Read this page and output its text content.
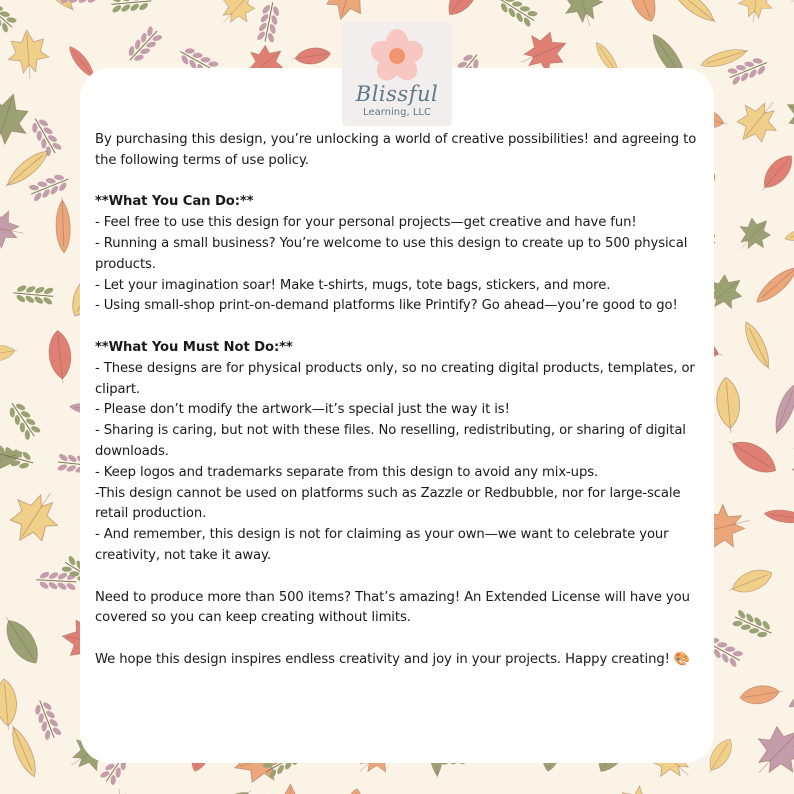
Blissful
Learning, LLC

By purchasing this design, you’re unlocking a world of creative possibilities! and agreeing to the following terms of use policy.

**What You Can Do:**

- Feel free to use this design for your personal projects—get creative and have fun!

- Running a small business? You’re welcome to use this design to create up to 500 physical products.

- Let your imagination soar! Make t-shirts, mugs, tote bags, stickers, and more.

- Using small-shop print-on-demand platforms like Printify? Go ahead—you’re good to go!

**What You Must Not Do:**

- These designs are for physical products only, so no creating digital products, templates, or clipart.

- Please don’t modify the artwork—it’s special just the way it is!

- Sharing is caring, but not with these files. No reselling, redistributing, or sharing of digital downloads.

- Keep logos and trademarks separate from this design to avoid any mix-ups.

-This design cannot be used on platforms such as Zazzle or Redbubble, nor for large-scale retail production.

- And remember, this design is not for claiming as your own—we want to celebrate your creativity, not take it away.

Need to produce more than 500 items? That’s amazing! An Extended License will have you covered so you can keep creating without limits.

We hope this design inspires endless creativity and joy in your projects. Happy creating! 🎨
